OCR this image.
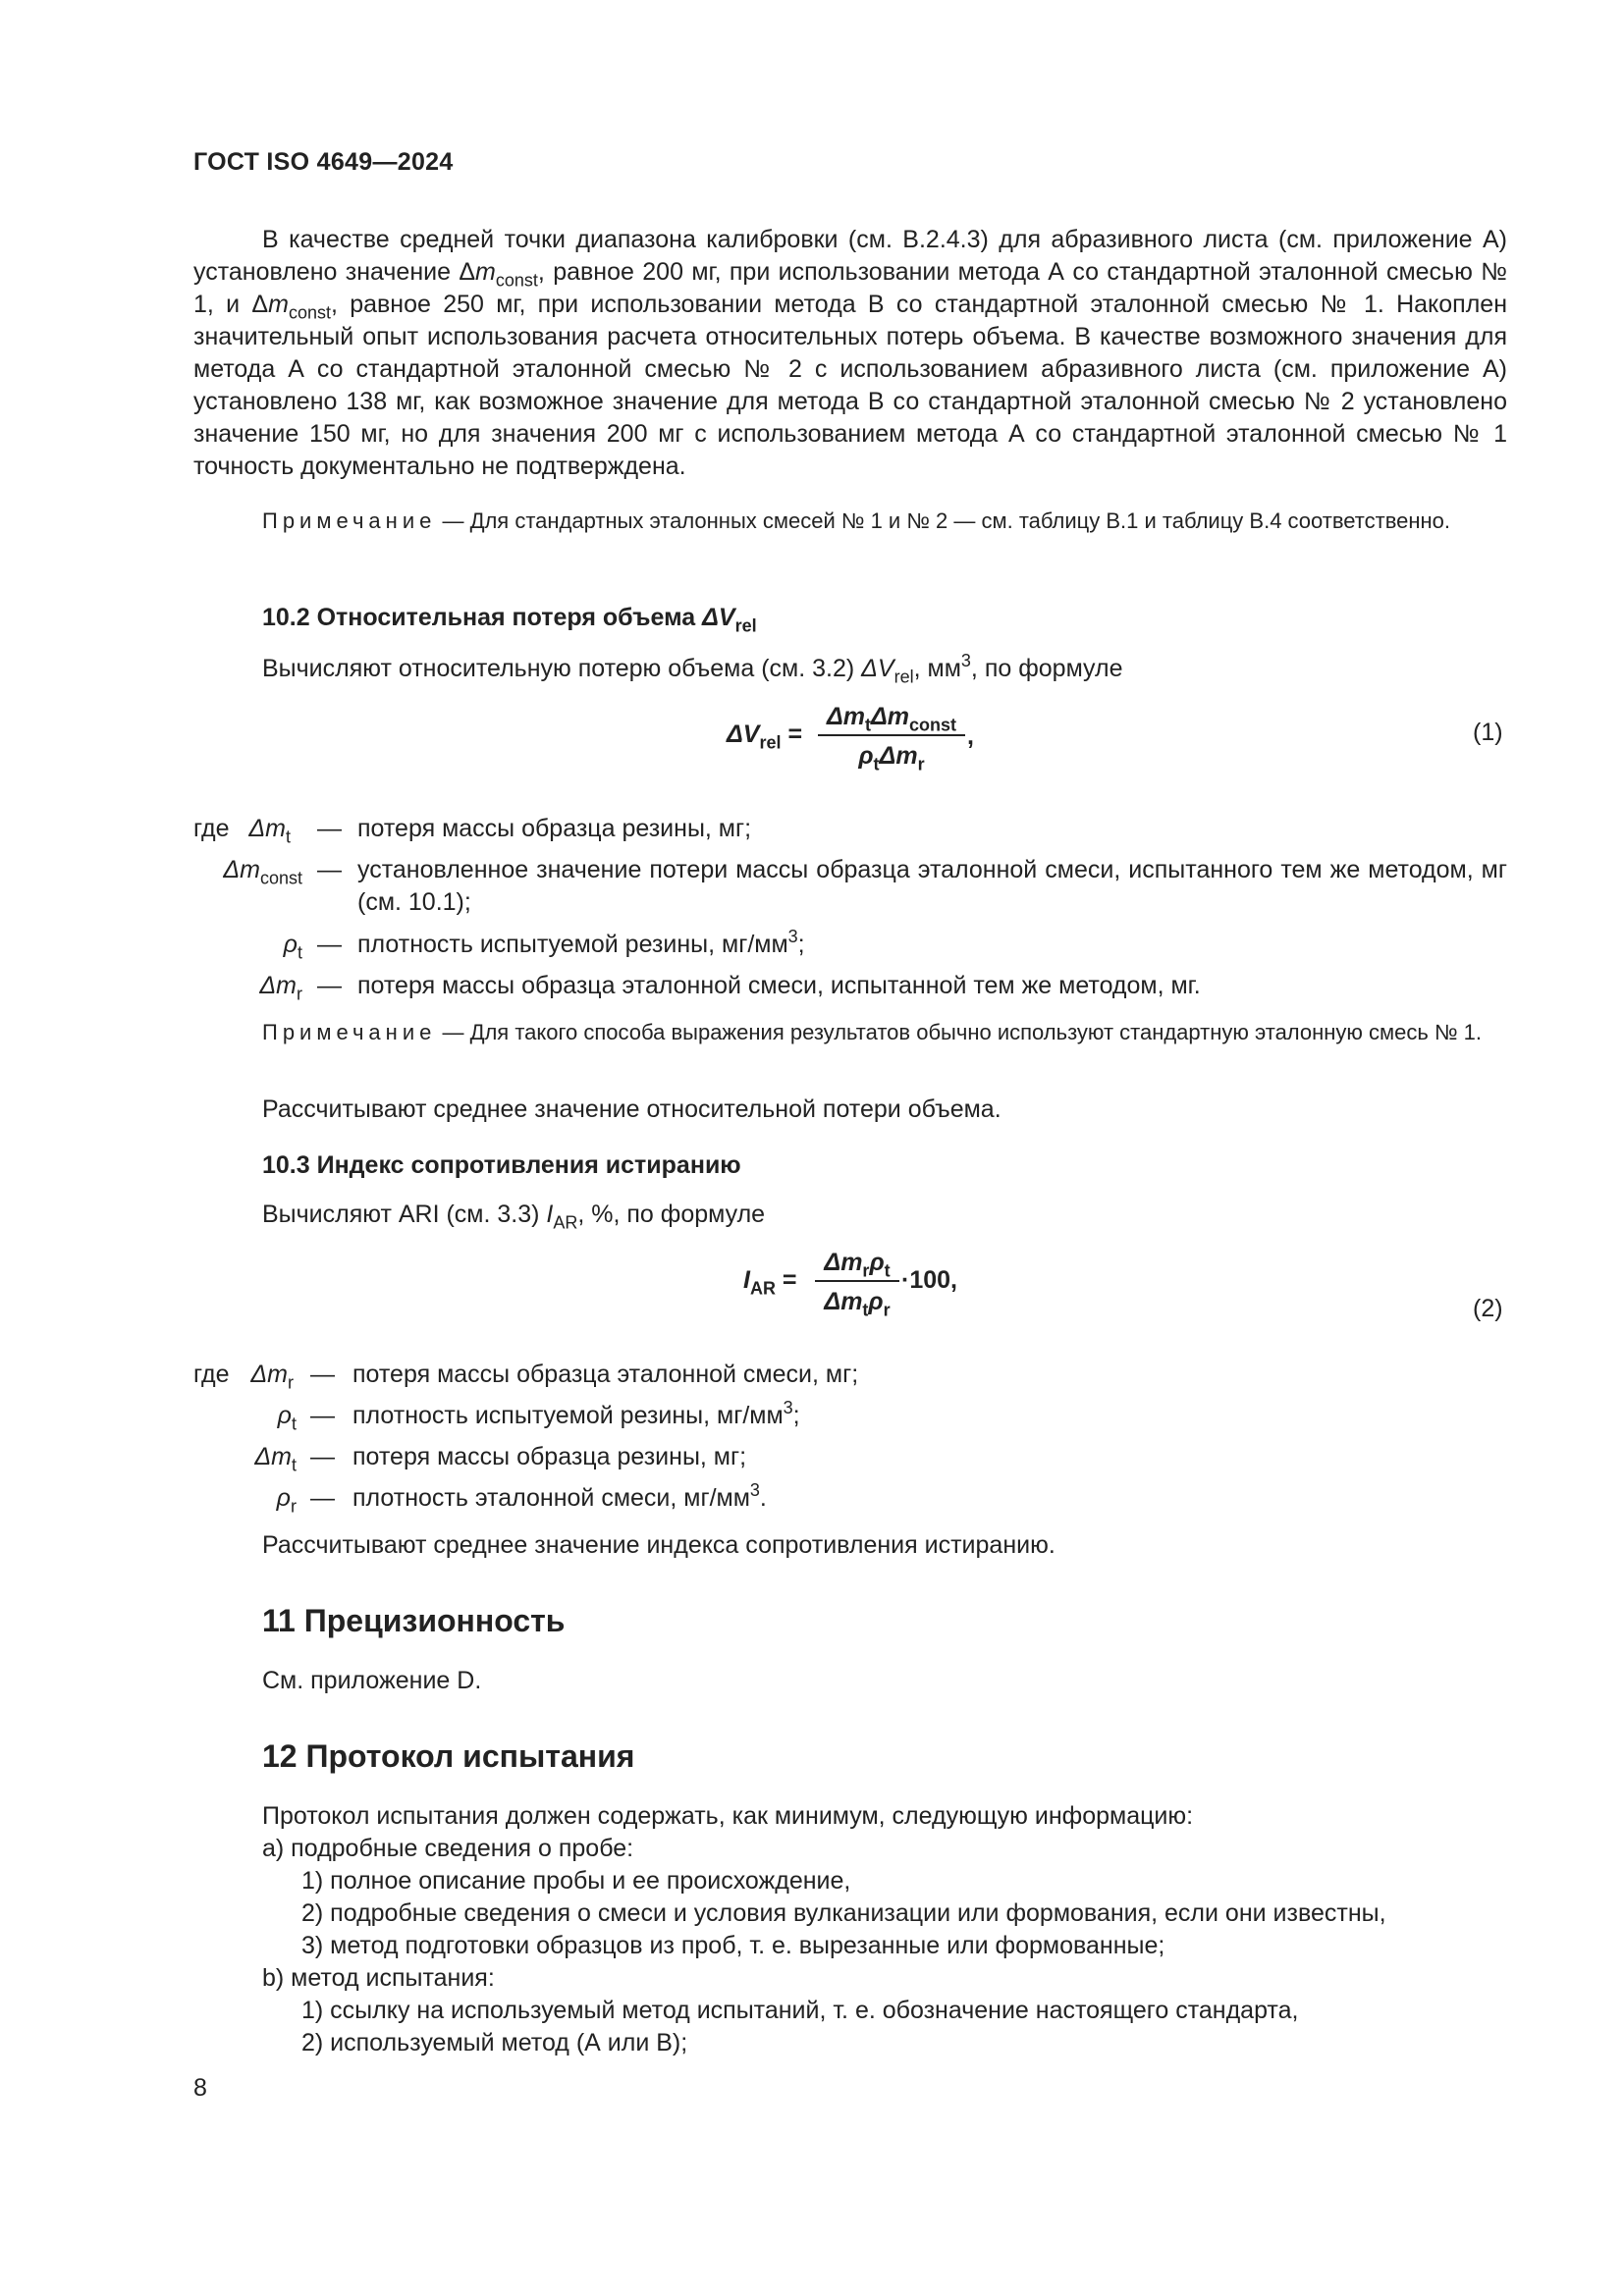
ГОСТ ISO 4649—2024
В качестве средней точки диапазона калибровки (см. В.2.4.3) для абразивного листа (см. приложение А) установлено значение $\Delta m_{const}$, равное 200 мг, при использовании метода А со стандартной эталонной смесью № 1, и $\Delta m_{const}$, равное 250 мг, при использовании метода В со стандартной эталонной смесью № 1. Накоплен значительный опыт использования расчета относительных потерь объема. В качестве возможного значения для метода А со стандартной эталонной смесью № 2 с использованием абразивного листа (см. приложение А) установлено 138 мг, как возможное значение для метода В со стандартной эталонной смесью № 2 установлено значение 150 мг, но для значения 200 мг с использованием метода А со стандартной эталонной смесью № 1 точность документально не подтверждена.
Примечание — Для стандартных эталонных смесей № 1 и № 2 — см. таблицу В.1 и таблицу В.4 соответственно.
10.2 Относительная потеря объема $\Delta V_{rel}$
Вычисляют относительную потерю объема (см. 3.2) $\Delta V_{rel}$, $мм^3$, по формуле
$\Delta V_{rel}$ =
$\Delta m_t\Delta m_{const}$
$\rho_t\Delta m_r$
,	(1)
где $\Delta m_t$ — потеря массы образца резины, мг;
$\Delta m_{const}$ — установленное значение потери массы образца эталонной смеси, испытанного тем же методом, мг (см. 10.1);
$\rho_t$ — плотность испытуемой резины, $мг/мм^3$;
$\Delta m_r$ — потеря массы образца эталонной смеси, испытанной тем же методом, мг.
Примечание — Для такого способа выражения результатов обычно используют стандартную эталонную смесь № 1.
Рассчитывают среднее значение относительной потери объема.
10.3 Индекс сопротивления истиранию
Вычисляют ARI (см. 3.3) $I_{AR}$, %, по формуле
$I_{AR}$ =
$\Delta m_r\rho_t$
$\Delta m_t\rho_r$
·100,
(2)
где $\Delta m_r$ — потеря массы образца эталонной смеси, мг;
$\rho_t$ — плотность испытуемой резины, $мг/мм^3$;
$\Delta m_t$ — потеря массы образца резины, мг;
$\rho_r$ — плотность эталонной смеси, $мг/мм^3$.
Рассчитывают среднее значение индекса сопротивления истиранию.
11 Прецизионность
См. приложение D.
12 Протокол испытания
Протокол испытания должен содержать, как минимум, следующую информацию:
a) подробные сведения о пробе:
1) полное описание пробы и ее происхождение,
2) подробные сведения о смеси и условия вулканизации или формования, если они известны,
3) метод подготовки образцов из проб, т. е. вырезанные или формованные;
b) метод испытания:
1) ссылку на используемый метод испытаний, т. е. обозначение настоящего стандарта,
2) используемый метод (А или В);
8
